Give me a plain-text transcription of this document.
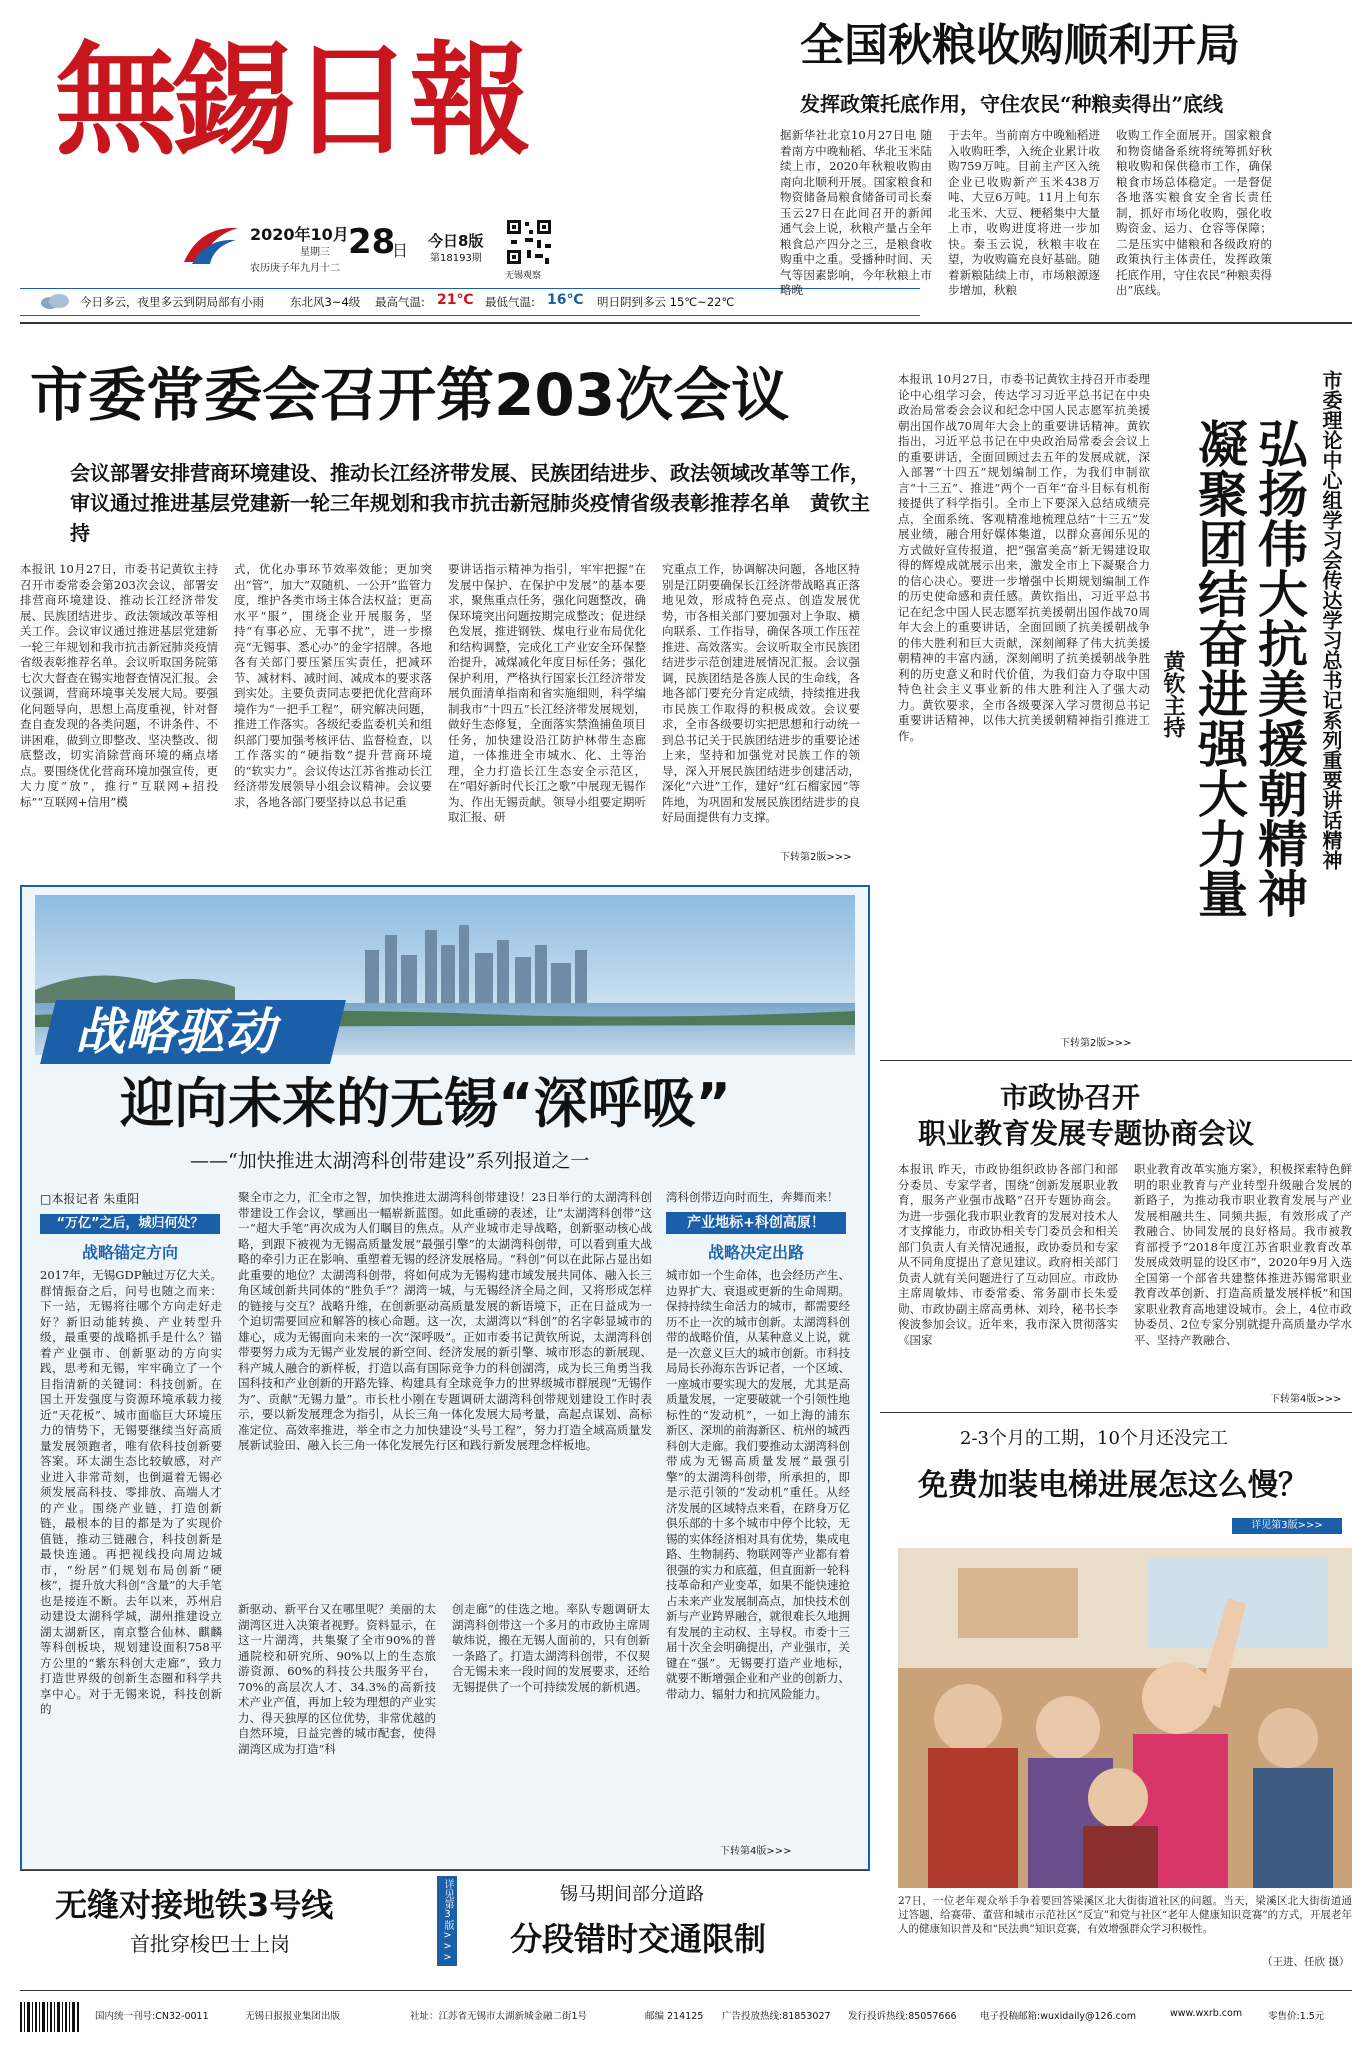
無錫日報
2020年10月
星期三
农历庚子年九月十二
28
日 今日8版
第18193期
无锡观察
今日多云，夜里多云到阴局部有小雨 东北风3~4级 最高气温: 21℃ 最低气温: 16℃ 明日阴到多云 15℃~22℃
全国秋粮收购顺利开局
发挥政策托底作用，守住农民“种粮卖得出”底线
据新华社北京10月27日电 随着南方中晚籼稻、华北玉米陆续上市，2020年秋粮收购由南向北顺利开展。国家粮食和物资储备局粮食储备司司长秦玉云27日在此间召开的新闻通气会上说，秋粮产量占全年粮食总产四分之三，是粮食收购重中之重。受播种时间、天气等因素影响，今年秋粮上市略晚
于去年。当前南方中晚籼稻进入收购旺季，入统企业累计收购759万吨。目前主产区入统企业已收购新产玉米438万吨、大豆6万吨。11月上旬东北玉米、大豆、粳稻集中大量上市，收购进度将进一步加快。秦玉云说，秋粮丰收在望，为收购篇充良好基础。随着新粮陆续上市，市场粮源逐步增加，秋粮
收购工作全面展开。国家粮食和物资储备系统将统筹抓好秋粮收购和保供稳市工作，确保粮食市场总体稳定。一是督促各地落实粮食安全省长责任制，抓好市场化收购，强化收购资金、运力、仓容等保障；二是压实中储粮和各级政府的政策执行主体责任，发挥政策托底作用，守住农民“种粮卖得出”底线。
市委常委会召开第203次会议
会议部署安排营商环境建设、推动长江经济带发展、民族团结进步、政法领域改革等工作，审议通过推进基层党建新一轮三年规划和我市抗击新冠肺炎疫情省级表彰推荐名单　黄钦主持
本报讯 10月27日，市委书记黄钦主持召开市委常委会第203次会议，部署安排营商环境建设、推动长江经济带发展、民族团结进步、政法领域改革等相关工作。会议审议通过推进基层党建新一轮三年规划和我市抗击新冠肺炎疫情省级表彰推荐名单。会议听取国务院第七次大督查在锡实地督查情况汇报。会议强调，营商环境事关发展大局。要强化问题导向，思想上高度重视，针对督查自查发现的各类问题，不讲条件、不讲困难，做到立即整改、坚决整改、彻底整改，切实消除营商环境的痛点堵点。要围绕优化营商环境加强宣传，更大力度“放”，推行“互联网+招投标”“互联网+信用”模
式，优化办事环节效率效能；更加突出“管”，加大“双随机、一公开”监管力度，维护各类市场主体合法权益；更高水平“服”，围绕企业开展服务，坚持“有事必应、无事不扰”，进一步擦亮“无锡事、悉心办”的金字招牌。各地各有关部门要压紧压实责任，把减环节、减材料、减时间、减成本的要求落到实处。主要负责同志要把优化营商环境作为“一把手工程”，研究解决问题，推进工作落实。各级纪委监委机关和组织部门要加强考核评估、监督检查，以工作落实的“硬指数”提升营商环境的“软实力”。会议传达江苏省推动长江经济带发展领导小组会议精神。会议要求，各地各部门要坚持以总书记重
要讲话指示精神为指引，牢牢把握“在发展中保护、在保护中发展”的基本要求，聚焦重点任务，强化问题整改，确保环境突出问题按期完成整改；促进绿色发展，推进钢铁、煤电行业布局优化和结构调整，完成化工产业安全环保整治提升，减煤减化年度目标任务；强化保护利用，严格执行国家长江经济带发展负面清单指南和省实施细则，科学编制我市“十四五”长江经济带发展规划，做好生态修复，全面落实禁渔捕鱼项目任务，加快建设沿江防护林带生态廊道，一体推进全市城水、化、土等治理，全力打造长江生态安全示范区，在“唱好新时代长江之歌”中展现无锡作为、作出无锡贡献。领导小组要定期听取汇报、研
究重点工作，协调解决问题，各地区特别是江阴要确保长江经济带战略真正落地见效，形成特色亮点、创造发展优势，市各相关部门要加强对上争取、横向联系、工作指导，确保各项工作压茬推进、高效落实。会议听取全市民族团结进步示范创建进展情况汇报。会议强调，民族团结是各族人民的生命线，各地各部门要充分肯定成绩，持续推进我市民族工作取得的积极成效。会议要求，全市各级要切实把思想和行动统一到总书记关于民族团结进步的重要论述上来，坚持和加强党对民族工作的领导，深入开展民族团结进步创建活动，深化“六进”工作，建好“红石榴家园”等阵地，为巩固和发展民族团结进步的良好局面提供有力支撑。
下转第2版>>>
战略驱动
迎向未来的无锡“深呼吸”
——“加快推进太湖湾科创带建设”系列报道之一
□本报记者 朱重阳
“万亿”之后，城归何处？
战略锚定方向
2017年，无锡GDP触过万亿大关。群情振奋之后，问号也随之而来：下一站，无锡将往哪个方向走好走好？新旧动能转换、产业转型升级，最重要的战略抓手是什么？锚着产业强市、创新驱动的方向实践，思考和无锡，牢牢确立了一个目指清新的关键词：科技创新。在国土开发强度与资源环境承载力接近“天花板”、城市面临巨大环境压力的情势下，无锡要继续当好高质量发展领跑者，唯有依科技创新要答案。环太湖生态比较敏感，对产业进入非常苛刻，也倒逼着无锡必须发展高科技、零排放、高端人才的产业。围绕产业链，打造创新链，最根本的目的都是为了实现价值链，推动三链融合，科技创新是最快连通。再把视线投向周边城市，“纷居”们规划布局创新“硬核”，提升放大科创“含量”的大手笔也是接连不断。去年以来，苏州启动建设太湖科学城，湖州推建设立湖太湖新区，南京整合仙林、麒麟等科创板块，规划建设面积758平方公里的“紫东科创大走廊”，致力打造世界级的创新生态圈和科学共享中心。对于无锡来说，科技创新的
聚全市之力，汇全市之智，加快推进太湖湾科创带建设！23日举行的太湖湾科创带建设工作会议，擘画出一幅崭新蓝图。如此重磅的表述，让“太湖湾科创带”这一“超大手笔”再次成为人们瞩目的焦点。从产业城市走导战略，创新驱动核心战略，到跟下被视为无锡高质量发展“最强引擎”的太湖湾科创带，可以看到重大战略的牵引力正在影响、重塑着无锡的经济发展格局。“科创”何以在此际占显出如此重要的地位？太湖湾科创带，将如何成为无锡构建市域发展共同体、融入长三角区域创新共同体的“胜负手”？湖湾一城，与无锡经济全局之间，又将形成怎样的链接与交互？战略升维，在创新驱动高质量发展的新语境下，正在日益成为一个迫切需要回应和解答的核心命题。这一次，太湖湾以“科创”的名字彰显城市的雄心，成为无锡面向未来的一次“深呼吸”。正如市委书记黄钦所说，太湖湾科创带要努力成为无锡产业发展的新空间、经济发展的新引擎、城市形态的新展现、科产城人融合的新样板，打造以高有国际竞争力的科创湖湾，成为长三角勇当我国科技和产业创新的开路先锋、构建具有全球竞争力的世界级城市群展现“无锡作为”、贡献“无锡力量”。市长杜小刚在专题调研太湖湾科创带规划建设工作时表示，要以新发展理念为指引，从长三角一体化发展大局考量，高起点谋划、高标准定位、高效率推进，举全市之力加快建设“头号工程”，努力打造全域高质量发展新试验田、融入长三角一体化发展先行区和践行新发展理念样板地。
新驱动、新平台又在哪里呢？美丽的太湖湾区进入决策者视野。资料显示，在这一片湖湾，共集聚了全市90%的普通院校和研究所、90%以上的生态旅游资源、60%的科技公共服务平台，70%的高层次人才、34.3%的高新技术产业产值，再加上较为理想的产业实力、得天独厚的区位优势，非常优越的自然环境，日益完善的城市配套，使得湖湾区成为打造“科
创走廊”的佳选之地。率队专题调研太湖湾科创带这一个多月的市政协主席周敏炜说，搬在无锡人面前的，只有创新一条路了。打造太湖湾科创带，不仅契合无锡未来一段时间的发展要求，还给无锡提供了一个可持续发展的新机遇。
湾科创带迈向时而生，奔舞而来！
产业地标+科创高原！
战略决定出路
城市如一个生命体，也会经历产生、边界扩大、衰退或更新的生命周期。保持持续生命活力的城市，都需要经历不止一次的城市创新。太湖湾科创带的战略价值，从某种意义上说，就是一次意义巨大的城市创新。市科技局局长孙海东告诉记者，一个区域、一座城市要实现大的发展，尤其是高质量发展，一定要破就一个引领性地标性的“发动机”，一如上海的浦东新区、深圳的前海新区、杭州的城西科创大走廊。我们要推动太湖湾科创带成为无锡高质量发展“最强引擎”的太湖湾科创带，所承担的，即是示范引领的“发动机”重任。从经济发展的区域特点来看，在跻身万亿俱乐部的十多个城市中停个比较，无锡的实体经济相对具有优势，集成电路、生物制药、物联网等产业都有着很强的实力和底蕴，但直面新一轮科技革命和产业变革，如果不能快速抢占未来产业发展制高点，加快技术创新与产业跨界融合，就很难长久地拥有发展的主动权、主导权。市委十三届十次全会明确提出，产业强市，关键在“强”。无锡要打造产业地标，就要不断增强企业和产业的创新力、带动力、辐射力和抗风险能力。
下转第4版>>>
本报讯 10月27日，市委书记黄钦主持召开市委理论中心组学习会，传达学习习近平总书记在中央政治局常委会会议和纪念中国人民志愿军抗美援朝出国作战70周年大会上的重要讲话精神。黄钦指出，习近平总书记在中央政治局常委会会议上的重要讲话，全面回顾过去五年的发展成就，深入部署“十四五”规划编制工作，为我们申制欲言“十三五”、推进“两个一百年”奋斗目标有机衔接提供了科学指引。全市上下要深入总结成绩亮点，全面系统、客观精准地梳理总结“十三五”发展业绩，融合用好媒体集道，以群众喜闻乐见的方式做好宣传报道，把“强富美高”新无锡建设取得的辉煌成就展示出来，激发全市上下凝聚合力的信心决心。要进一步增强中长期规划编制工作的历史使命感和责任感。黄钦指出，习近平总书记在纪念中国人民志愿军抗美援朝出国作战70周年大会上的重要讲话，全面回顾了抗美援朝战争的伟大胜利和巨大贡献，深刻阐释了伟大抗美援朝精神的丰富内涵，深刻阐明了抗美援朝战争胜利的历史意义和时代价值，为我们奋力夺取中国特色社会主义事业新的伟大胜利注入了强大动力。黄钦要求，全市各级要深入学习贯彻总书记重要讲话精神，以伟大抗美援朝精神指引推进工作。
下转第2版>>>
黄钦主持 弘扬伟大抗美援朝精神
凝聚团结奋进强大力量	市委理论中心组学习会传达学习总书记系列重要讲话精神
市政协召开
职业教育发展专题协商会议
本报讯 昨天，市政协组织政协各部门和部分委员、专家学者，围绕“创新发展职业教育，服务产业强市战略”召开专题协商会。为进一步强化我市职业教育的发展对技术人才支撑能力，市政协相关专门委员会和相关部门负责人有关情况通报，政协委员和专家从不同角度提出了意见建议。政府相关部门负责人就有关问题进行了互动回应。市政协主席周敏炜、市委常委、常务副市长朱爱勋、市政协副主席高勇林、刘玲，秘书长李俊波参加会议。近年来，我市深入贯彻落实《国家
职业教育改革实施方案》，积极探索特色鲜明的职业教育与产业转型升级融合发展的新路子，为推动我市职业教育发展与产业发展相融共生、同频共振，有效形成了产教融合、协同发展的良好格局。我市被教育部授予“2018年度江苏省职业教育改革发展成效明显的设区市”，2020年9月入选全国第一个部省共建整体推进苏锡常职业教育改革创新、打造高质量发展样板”和国家职业教育高地建设城市。会上，4位市政协委员、2位专家分别就提升高质量办学水平、坚持产教融合、
下转第4版>>>
2-3个月的工期，10个月还没完工
免费加装电梯进展怎这么慢？
详见第3版>>>
27日，一位老年观众举手争着要回答梁溪区北大街街道社区的问题。当天，梁溪区北大街街道通过答题，给赛带、董营和城市示范社区“反宣”和党与社区“老年人健康知识竞赛”的方式，开展老年人的健康知识普及和“民法典”知识竞赛，有效增强群众学习积极性。
（王进、任欣 摄）
无缝对接地铁3号线
首批穿梭巴士上岗	详见第3版>>>	锡马期间部分道路
分段错时交通限制
国内统一刊号:CN32-0011	无锡日报报业集团出版	社址：江苏省无锡市太湖新城金融二街1号	邮编 214125 广告投放热线:81853027 发行投诉热线:85057666 电子投稿邮箱:wuxidaily@126.com	www.wxrb.com	零售价:1.5元
